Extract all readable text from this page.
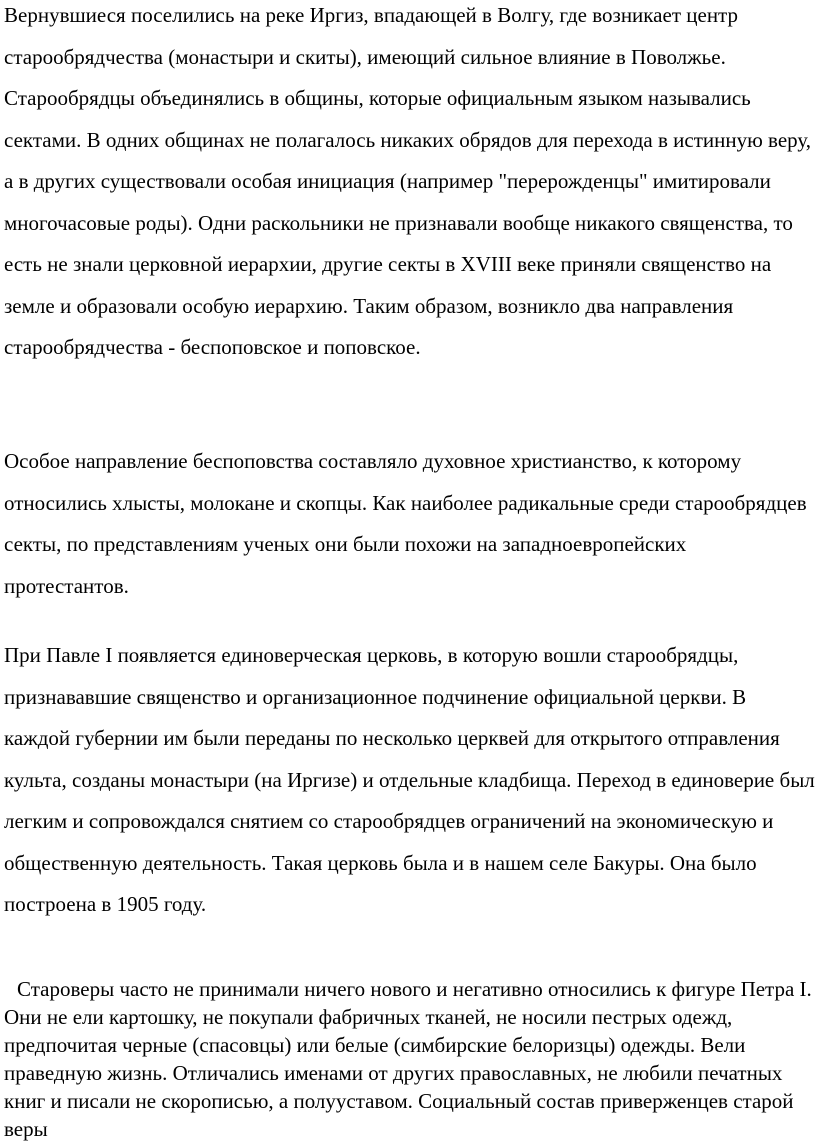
Вернувшиеся поселились на реке Иргиз, впадающей в Волгу, где возникает центр старообрядчества (монастыри и скиты), имеющий сильное влияние в Поволжье. Старообрядцы объединялись в общины, которые официальным языком назывались сектами. В одних общинах не полагалось никаких обрядов для перехода в истинную веру, а в других существовали особая инициация (например "перерожденцы" имитировали многочасовые роды). Одни раскольники не признавали вообще никакого священства, то есть не знали церковной иерархии, другие секты в XVIII веке приняли священство на земле и образовали особую иерархию. Таким образом, возникло два направления старообрядчества - беспоповское и поповское.

Особое направление беспоповства составляло духовное христианство, к которому относились хлысты, молокане и скопцы. Как наиболее радикальные среди старообрядцев секты, по представлениям ученых они были похожи на западноевропейских протестантов.

При Павле I появляется единоверческая церковь, в которую вошли старообрядцы, признававшие священство и организационное подчинение официальной церкви. В каждой губернии им были переданы по несколько церквей для открытого отправления культа, созданы монастыри (на Иргизе) и отдельные кладбища. Переход в единоверие был легким и сопровождался снятием со старообрядцев ограничений на экономическую и общественную деятельность. Такая церковь была и в нашем селе Бакуры. Она было построена в 1905 году.

Староверы часто не принимали ничего нового и негативно относились к фигуре Петра I. Они не ели картошку, не покупали фабричных тканей, не носили пестрых одежд, предпочитая черные (спасовцы) или белые (симбирские белоризцы) одежды. Вели праведную жизнь. Отличались именами от других православных, не любили печатных книг и писали не скорописью, а полууставом. Социальный состав приверженцев старой веры
